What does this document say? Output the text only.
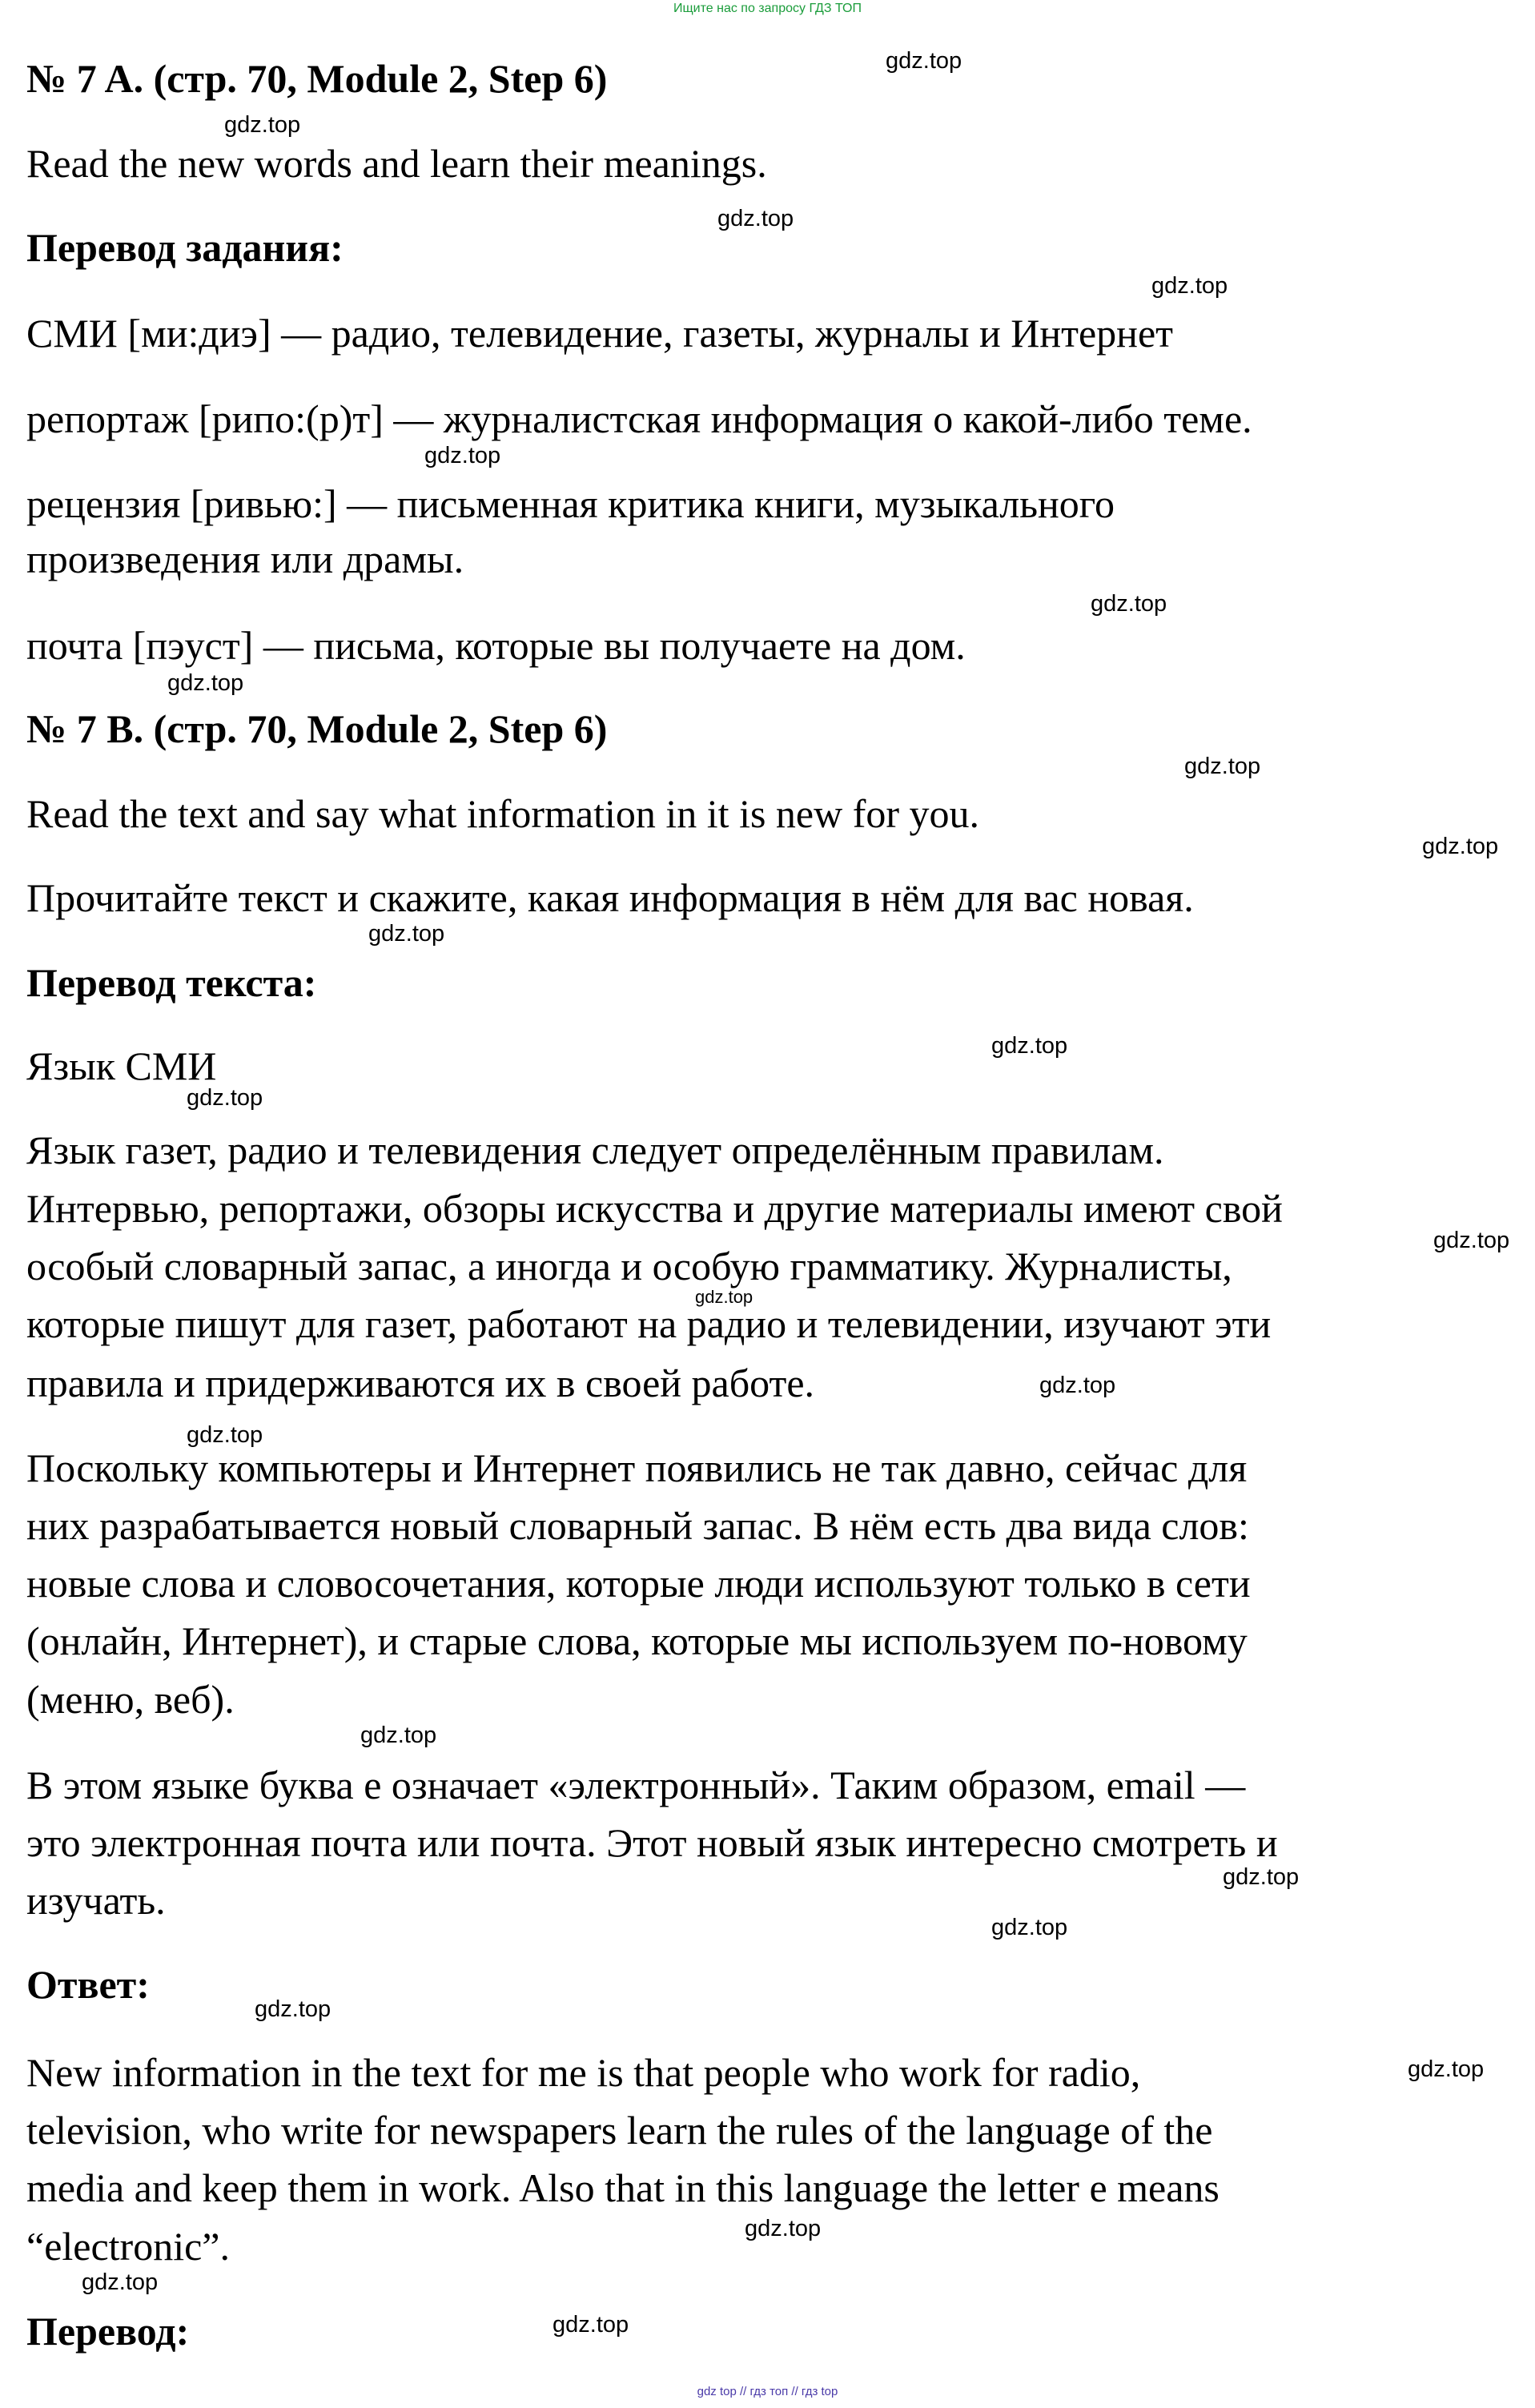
Ищите нас по запросу ГДЗ ТОП
№ 7 A. (стр. 70, Module 2, Step 6)
Read the new words and learn their meanings.
Перевод задания:
СМИ [ми:диэ] — радио, телевидение, газеты, журналы и Интернет
репортаж [рипо:(р)т] — журналистская информация о какой-либо теме.
рецензия [ривью:] — письменная критика книги, музыкального
произведения или драмы.
почта [пэуст] — письма, которые вы получаете на дом.
№ 7 B. (стр. 70, Module 2, Step 6)
Read the text and say what information in it is new for you.
Прочитайте текст и скажите, какая информация в нём для вас новая.
Перевод текста:
Язык СМИ
Язык газет, радио и телевидения следует определённым правилам.
Интервью, репортажи, обзоры искусства и другие материалы имеют свой
особый словарный запас, а иногда и особую грамматику. Журналисты,
которые пишут для газет, работают на радио и телевидении, изучают эти
правила и придерживаются их в своей работе.
Поскольку компьютеры и Интернет появились не так давно, сейчас для
них разрабатывается новый словарный запас. В нём есть два вида слов:
новые слова и словосочетания, которые люди используют только в сети
(онлайн, Интернет), и старые слова, которые мы используем по-новому
(меню, веб).
В этом языке буква е означает «электронный». Таким образом, email —
это электронная почта или почта. Этот новый язык интересно смотреть и
изучать.
Ответ:
New information in the text for me is that people who work for radio,
television, who write for newspapers learn the rules of the language of the
media and keep them in work. Also that in this language the letter e means
“electronic”.
Перевод:
gdz.top
gdz.top
gdz.top
gdz.top
gdz.top
gdz.top
gdz.top
gdz.top
gdz.top
gdz.top
gdz.top
gdz.top
gdz.top
gdz.top
gdz.top
gdz.top
gdz.top
gdz.top
gdz.top
gdz.top
gdz.top
gdz.top
gdz.top
gdz.top
gdz top // гдз топ // гдз top
